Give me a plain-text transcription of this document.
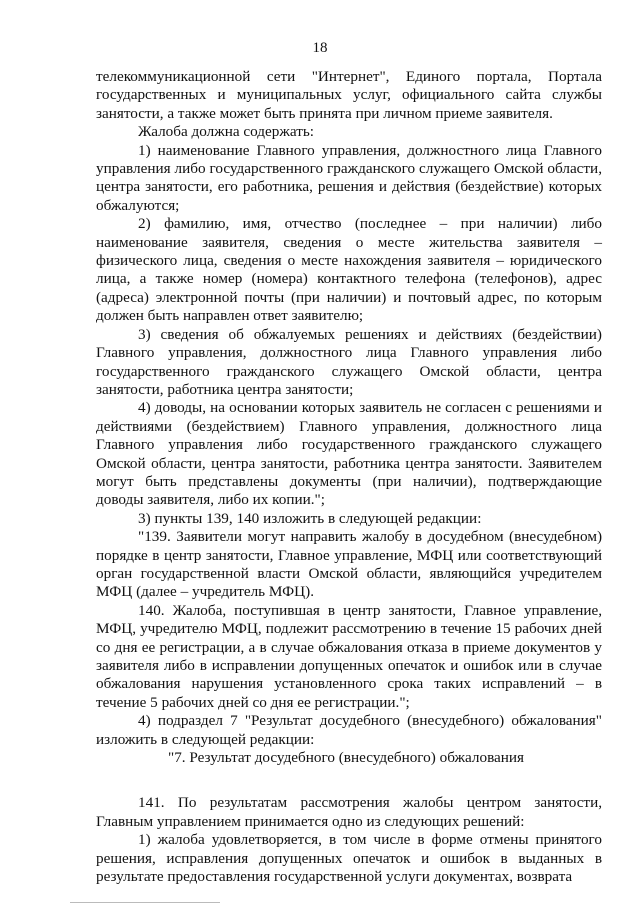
18

телекоммуникационной сети "Интернет", Единого портала, Портала государственных и муниципальных услуг, официального сайта службы занятости, а также может быть принята при личном приеме заявителя.

Жалоба должна содержать:

1) наименование Главного управления, должностного лица Главного управления либо государственного гражданского служащего Омской области, центра занятости, его работника, решения и действия (бездействие) которых обжалуются;

2) фамилию, имя, отчество (последнее – при наличии) либо наименование заявителя, сведения о месте жительства заявителя – физического лица, сведения о месте нахождения заявителя – юридического лица, а также номер (номера) контактного телефона (телефонов), адрес (адреса) электронной почты (при наличии) и почтовый адрес, по которым должен быть направлен ответ заявителю;

3) сведения об обжалуемых решениях и действиях (бездействии) Главного управления, должностного лица Главного управления либо государственного гражданского служащего Омской области, центра занятости, работника центра занятости;

4) доводы, на основании которых заявитель не согласен с решениями и действиями (бездействием) Главного управления, должностного лица Главного управления либо государственного гражданского служащего Омской области, центра занятости, работника центра занятости. Заявителем могут быть представлены документы (при наличии), подтверждающие доводы заявителя, либо их копии.";

3) пункты 139, 140 изложить в следующей редакции:

"139. Заявители могут направить жалобу в досудебном (внесудебном) порядке в центр занятости, Главное управление, МФЦ или соответствующий орган государственной власти Омской области, являющийся учредителем МФЦ (далее – учредитель МФЦ).

140. Жалоба, поступившая в центр занятости, Главное управление, МФЦ, учредителю МФЦ, подлежит рассмотрению в течение 15 рабочих дней со дня ее регистрации, а в случае обжалования отказа в приеме документов у заявителя либо в исправлении допущенных опечаток и ошибок или в случае обжалования нарушения установленного срока таких исправлений – в течение 5 рабочих дней со дня ее регистрации.";

4) подраздел 7 "Результат досудебного (внесудебного) обжалования" изложить в следующей редакции:

"7. Результат досудебного (внесудебного) обжалования

141. По результатам рассмотрения жалобы центром занятости, Главным управлением принимается одно из следующих решений:

1) жалоба удовлетворяется, в том числе в форме отмены принятого решения, исправления допущенных опечаток и ошибок в выданных в результате предоставления государственной услуги документах, возврата
